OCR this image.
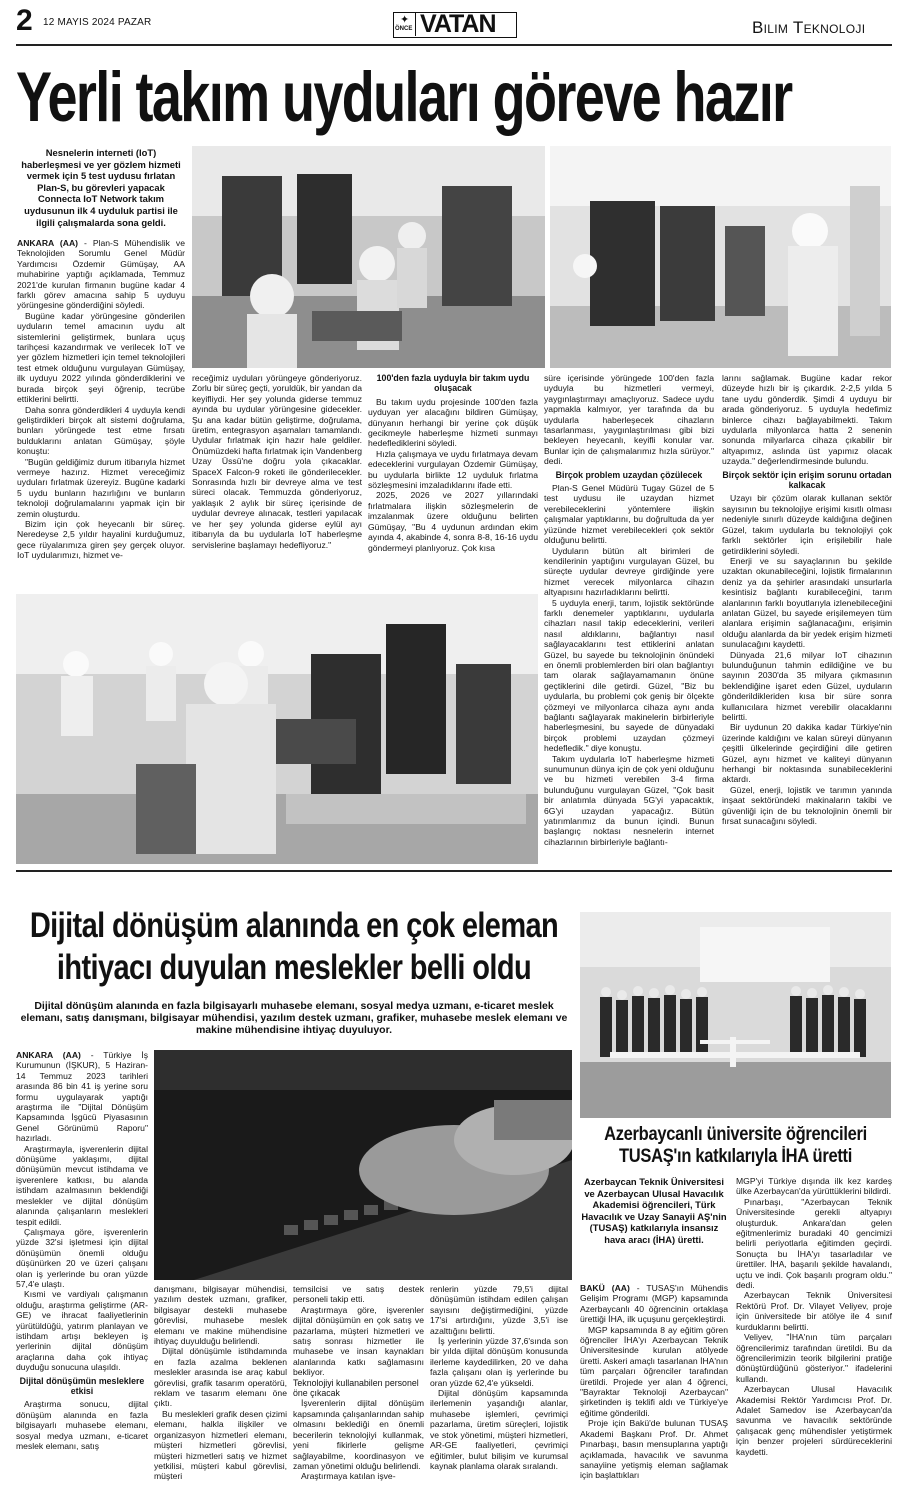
2 12 MAYIS 2024 PAZAR
ÖNCE
✦ VATAN	Bilim Teknoloji
Yerli takım uyduları göreve hazır
Nesnelerin interneti (IoT) haberleşmesi ve yer gözlem hizmeti vermek için 5 test uydusu fırlatan Plan-S, bu görevleri yapacak Connecta IoT Network takım uydusunun ilk 4 uyduluk partisi ile ilgili çalışmalarda sona geldi.

ANKARA (AA) - Plan-S Mühendislik ve Teknolojiden Sorumlu Genel Müdür Yardımcısı Özdemir Gümüşay, AA muhabirine yaptığı açıklamada, Temmuz 2021'de kurulan firmanın bugüne kadar 4 farklı görev amacına sahip 5 uyduyu yörüngesine gönderdiğini söyledi.

Bugüne kadar yörüngesine gönderilen uyduların temel amacının uydu alt sistemlerini geliştirmek, bunlara uçuş tarihçesi kazandırmak ve verilecek IoT ve yer gözlem hizmetleri için temel teknolojileri test etmek olduğunu vurgulayan Gümüşay, ilk uyduyu 2022 yılında gönderdiklerini ve burada birçok şeyi öğrenip, tecrübe ettiklerini belirtti.

Daha sonra gönderdikleri 4 uyduyla kendi geliştirdikleri birçok alt sistemi doğrulama, bunları yörüngede test etme fırsatı bulduklarını anlatan Gümüşay, şöyle konuştu:

"Bugün geldiğimiz durum itibarıyla hizmet vermeye hazırız. Hizmet vereceğimiz uyduları fırlatmak üzereyiz. Bugüne kadarki 5 uydu bunların hazırlığını ve bunların teknoloji doğrulamalarını yapmak için bir zemin oluşturdu.

Bizim için çok heyecanlı bir süreç. Neredeyse 2,5 yıldır hayalini kurduğumuz, gece rüyalarımıza giren şey gerçek oluyor. IoT uydularımızı, hizmet ve-

receğimiz uyduları yörüngeye gönderiyoruz. Zorlu bir süreç geçti, yoruldük, bir yandan da keyifliydi. Her şey yolunda giderse temmuz ayında bu uydular yörüngesine gidecekler. Şu ana kadar bütün geliştirme, doğrulama, üretim, entegrasyon aşamaları tamamlandı. Uydular fırlatmak için hazır hale geldiler. Önümüzdeki hafta fırlatmak için Vandenberg Uzay Üssü'ne doğru yola çıkacaklar. SpaceX Falcon-9 roketi ile gönderilecekler. Sonrasında hızlı bir devreye alma ve test süreci olacak. Temmuzda gönderiyoruz, yaklaşık 2 aylık bir süreç içerisinde de uydular devreye alınacak, testleri yapılacak ve her şey yolunda giderse eylül ayı itibarıyla da bu uydularla IoT haberleşme servislerine başlamayı hedefliyoruz."

100'den fazla uyduyla bir takım uydu oluşacak

Bu takım uydu projesinde 100'den fazla uyduyan yer alacağını bildiren Gümüşay, dünyanın herhangi bir yerine çok düşük gecikmeyle haberleşme hizmeti sunmayı hedeflediklerini söyledi.

Hızla çalışmaya ve uydu fırlatmaya devam edeceklerini vurgulayan Özdemir Gümüşay, bu uydularla birlikte 12 uyduluk fırlatma sözleşmesini imzaladıklarını ifade etti.

2025, 2026 ve 2027 yıllarındaki fırlatmalara ilişkin sözleşmelerin de imzalanmak üzere olduğunu belirten Gümüşay, "Bu 4 uydunun ardından ekim ayında 4, akabinde 4, sonra 8-8, 16-16 uydu göndermeyi planlıyoruz. Çok kısa

süre içerisinde yörüngede 100'den fazla uyduyla bu hizmetleri vermeyi, yaygınlaştırmayı amaçlıyoruz. Sadece uydu yapmakla kalmıyor, yer tarafında da bu uydularla haberleşecek cihazların tasarlanması, yaygınlaştırılması gibi bizi bekleyen heyecanlı, keyifli konular var. Bunlar için de çalışmalarımız hızla sürüyor." dedi.

Birçok problem uzaydan çözülecek

Plan-S Genel Müdürü Tugay Güzel de 5 test uydusu ile uzaydan hizmet verebileceklerini yöntemlere ilişkin çalışmalar yaptıklarını, bu doğrultuda da yer yüzünde hizmet verebilecekleri çok sektör olduğunu belirtti.

Uyduların bütün alt birimleri de kendilerinin yaptığını vurgulayan Güzel, bu süreçte uydular devreye girdiğinde yere hizmet verecek milyonlarca cihazın altyapısını hazırladıklarını belirtti.

5 uyduyla enerji, tarım, lojistik sektöründe farklı denemeler yaptıklarını, uydularla cihazları nasıl takip edeceklerini, verileri nasıl aldıklarını, bağlantıyı nasıl sağlayacaklarını test ettiklerini anlatan Güzel, bu sayede bu teknolojinin önündeki en önemli problemlerden biri olan bağlantıyı tam olarak sağlayamamanın önüne geçtiklerini dile getirdi. Güzel, "Biz bu uydularla, bu problemi çok geniş bir ölçekte çözmeyi ve milyonlarca cihaza aynı anda bağlantı sağlayarak makinelerin birbirleriyle haberleşmesini, bu sayede de dünyadaki birçok problemi uzaydan çözmeyi hedefledik." diye konuştu.

Takım uydularla IoT haberleşme hizmeti sunumunun dünya için de çok yeni olduğunu ve bu hizmeti verebilen 3-4 firma bulunduğunu vurgulayan Güzel, "Çok basit bir anlatımla dünyada 5G'yi yapacaktık, 6G'yi uzaydan yapacağız. Bütün yatırımlarımız da bunun içindi. Bunun başlangıç noktası nesnelerin internet cihazlarının birbirleriyle bağlantı-

larını sağlamak. Bugüne kadar rekor düzeyde hızlı bir iş çıkardık. 2-2,5 yılda 5 tane uydu gönderdik. Şimdi 4 uyduyu bir arada gönderiyoruz. 5 uyduyla hedefimiz binlerce cihazı bağlayabilmekti. Takım uydularla milyonlarca hatta 2 senenin sonunda milyarlarca cihaza çıkabilir bir altyapımız, aslında üst yapımız olacak uzayda." değerlendirmesinde bulundu.

Birçok sektör için erişim sorunu ortadan kalkacak

Uzayı bir çözüm olarak kullanan sektör sayısının bu teknolojiye erişimi kısıtlı olması nedeniyle sınırlı düzeyde kaldığına değinen Güzel, takım uydularla bu teknolojiyi çok farklı sektörler için erişilebilir hale getirdiklerini söyledi.

Enerji ve su sayaçlarının bu şekilde uzaktan okunabileceğini, lojistik firmalarının deniz ya da şehirler arasındaki unsurlarla kesintisiz bağlantı kurabileceğini, tarım alanlarının farklı boyutlarıyla izlenebileceğini anlatan Güzel, bu sayede erişilemeyen tüm alanlara erişimin sağlanacağını, erişimin olduğu alanlarda da bir yedek erişim hizmeti sunulacağını kaydetti.

Dünyada 21,6 milyar IoT cihazının bulunduğunun tahmin edildiğine ve bu sayının 2030'da 35 milyara çıkmasının beklendiğine işaret eden Güzel, uyduların gönderildikleriden kısa bir süre sonra kullanıcılara hizmet verebilir olacaklarını belirtti.

Bir uydunun 20 dakika kadar Türkiye'nin üzerinde kaldığını ve kalan süreyi dünyanın çeşitli ülkelerinde geçirdiğini dile getiren Güzel, aynı hizmet ve kaliteyi dünyanın herhangi bir noktasında sunabileceklerini aktardı.

Güzel, enerji, lojistik ve tarımın yanında inşaat sektöründeki makinaların takibi ve güvenliği için de bu teknolojinin önemli bir fırsat sunacağını söyledi.

Dijital dönüşüm alanında en çok eleman
ihtiyacı duyulan meslekler belli oldu
Dijital dönüşüm alanında en fazla bilgisayarlı muhasebe elemanı, sosyal medya uzmanı, e-ticaret meslek elemanı, satış danışmanı, bilgisayar mühendisi, yazılım destek uzmanı, grafiker, muhasebe meslek elemanı ve makine mühendisine ihtiyaç duyuluyor.

ANKARA (AA) - Türkiye İş Kurumunun (İŞKUR), 5 Haziran-14 Temmuz 2023 tarihleri arasında 86 bin 41 iş yerine soru formu uygulayarak yaptığı araştırma ile "Dijital Dönüşüm Kapsamında İşgücü Piyasasının Genel Görünümü Raporu" hazırladı.

Araştırmayla, işverenlerin dijital dönüşüme yaklaşımı, dijital dönüşümün mevcut istihdama ve işverenlere katkısı, bu alanda istihdam azalmasının beklendiği meslekler ve dijital dönüşüm alanında çalışanların meslekleri tespit edildi.

Çalışmaya göre, işverenlerin yüzde 32'si işletmesi için dijital dönüşümün önemli olduğu düşünürken 20 ve üzeri çalışanı olan iş yerlerinde bu oran yüzde 57,4'e ulaştı.

Kısmi ve vardiyalı çalışmanın olduğu, araştırma geliştirme (AR-GE) ve ihracat faaliyetlerinin yürütüldüğü, yatırım planlayan ve istihdam artışı bekleyen iş yerlerinin dijital dönüşüm araçlarına daha çok ihtiyaç duyduğu sonucuna ulaşıldı.

Dijital dönüşümün mesleklere etkisi

Araştırma sonucu, dijital dönüşüm alanında en fazla bilgisayarlı muhasebe elemanı, sosyal medya uzmanı, e-ticaret meslek elemanı, satış

danışmanı, bilgisayar mühendisi, yazılım destek uzmanı, grafiker, bilgisayar destekli muhasebe görevlisi, muhasebe meslek elemanı ve makine mühendisine ihtiyaç duyulduğu belirlendi.

Dijital dönüşümle istihdamında en fazla azalma beklenen meslekler arasında ise araç kabul görevlisi, grafik tasarım operatörü, reklam ve tasarım elemanı öne çıktı.

Bu meslekleri grafik desen çizimi elemanı, halkla ilişkiler ve organizasyon hizmetleri elemanı, müşteri hizmetleri görevlisi, müşteri hizmetleri satış ve hizmet yetkilisi, müşteri kabul görevlisi, müşteri

temsilcisi ve satış destek personeli takip etti.

Araştırmaya göre, işverenler dijital dönüşümün en çok satış ve pazarlama, müşteri hizmetleri ve satış sonrası hizmetler ile muhasebe ve insan kaynakları alanlarında katkı sağlamasını bekliyor.

Teknolojiyi kullanabilen personel öne çıkacak

İşverenlerin dijital dönüşüm kapsamında çalışanlarından sahip olmasını beklediği en önemli becerilerin teknolojiyi kullanmak, yeni fikirlerle gelişme sağlayabilme, koordinasyon ve zaman yönetimi olduğu belirlendi.

Araştırmaya katılan işve-

renlerin yüzde 79,5'i dijital dönüşümün istihdam edilen çalışan sayısını değiştirmediğini, yüzde 17'si artırdığını, yüzde 3,5'i ise azalttığını belirtti.

İş yerlerinin yüzde 37,6'sında son bir yılda dijital dönüşüm konusunda ilerleme kaydedilirken, 20 ve daha fazla çalışanı olan iş yerlerinde bu oran yüzde 62,4'e yükseldi.

Dijital dönüşüm kapsamında ilerlemenin yaşandığı alanlar, muhasebe işlemleri, çevrimiçi pazarlama, üretim süreçleri, lojistik ve stok yönetimi, müşteri hizmetleri, AR-GE faaliyetleri, çevrimiçi eğitimler, bulut bilişim ve kurumsal kaynak planlama olarak sıralandı.

Azerbaycanlı üniversite öğrencileri
TUSAŞ'ın katkılarıyla İHA üretti
Azerbaycan Teknik Üniversitesi ve Azerbaycan Ulusal Havacılık Akademisi öğrencileri, Türk Havacılık ve Uzay Sanayii AŞ'nin (TUSAŞ) katkılarıyla insansız hava aracı (İHA) üretti.

BAKÜ (AA) - TUSAŞ'ın Mühendis Gelişim Programı (MGP) kapsamında Azerbaycanlı 40 öğrencinin ortaklaşa ürettiği İHA, ilk uçuşunu gerçekleştirdi.

MGP kapsamında 8 ay eğitim gören öğrenciler İHA'yı Azerbaycan Teknik Üniversitesinde kurulan atölyede üretti. Askeri amaçlı tasarlanan İHA'nın tüm parçaları öğrenciler tarafından üretildi. Projede yer alan 4 öğrenci, "Bayraktar Teknoloji Azerbaycan" şirketinden iş teklifi aldı ve Türkiye'ye eğitime gönderildi.

Proje için Bakü'de bulunan TUSAŞ Akademi Başkanı Prof. Dr. Ahmet Pınarbaşı, basın mensuplarına yaptığı açıklamada, havacılık ve savunma sanayiine yetişmiş eleman sağlamak için başlattıkları

MGP'yi Türkiye dışında ilk kez kardeş ülke Azerbaycan'da yürüttüklerini bildirdi.

Pınarbaşı, "Azerbaycan Teknik Üniversitesinde gerekli altyapıyı oluşturduk. Ankara'dan gelen eğitmenlerimiz buradaki 40 gencimizi belirli periyotlarla eğitimden geçirdi. Sonuçta bu İHA'yı tasarladılar ve ürettiler. İHA, başarılı şekilde havalandı, uçtu ve indi. Çok başarılı program oldu." dedi.

Azerbaycan Teknik Üniversitesi Rektörü Prof. Dr. Vilayet Veliyev, proje için üniversitede bir atölye ile 4 sınıf kurduklarını belirtti.

Veliyev, "İHA'nın tüm parçaları öğrencilerimiz tarafından üretildi. Bu da öğrencilerimizin teorik bilgilerini pratiğe dönüştürdüğünü gösteriyor." ifadelerini kullandı.

Azerbaycan Ulusal Havacılık Akademisi Rektör Yardımcısı Prof. Dr. Adalet Samedov ise Azerbaycan'da savunma ve havacılık sektöründe çalışacak genç mühendisler yetiştirmek için benzer projeleri sürdüreceklerini kaydetti.
